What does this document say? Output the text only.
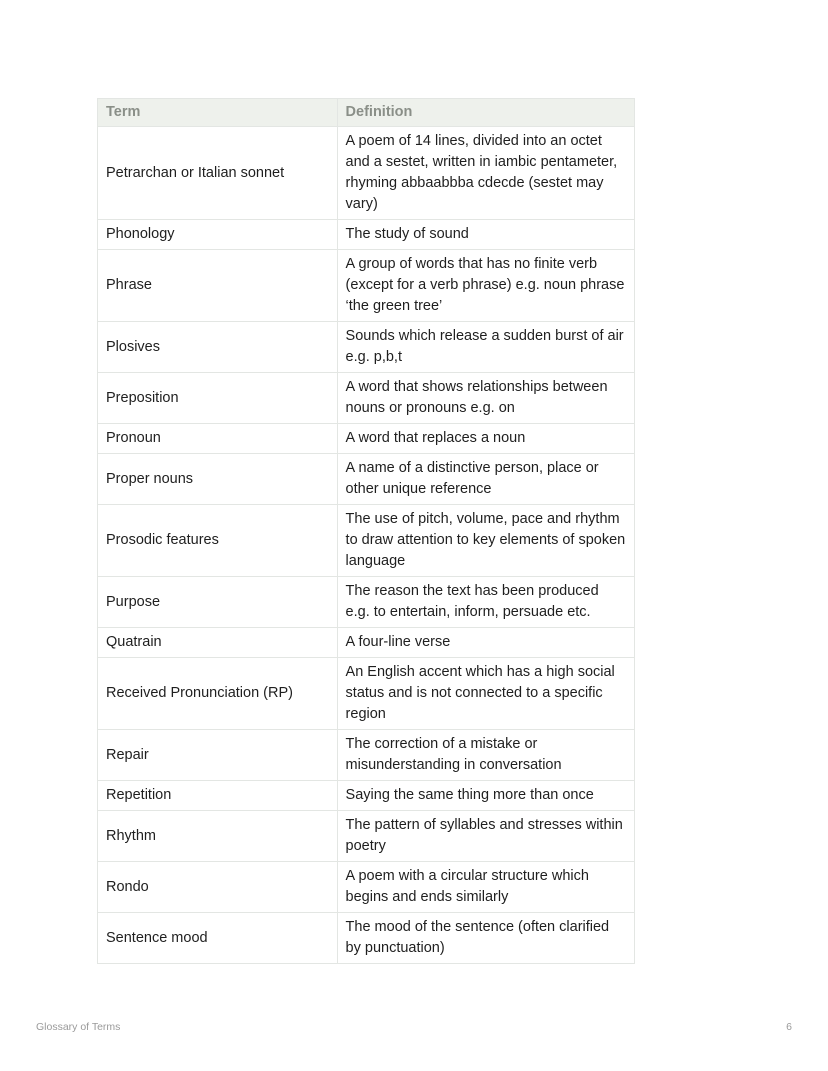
Term	Definition
Petrarchan or Italian sonnet	A poem of 14 lines, divided into an octet and a sestet, written in iambic pentameter, rhyming abbaabbba cdecde (sestet may vary)
Phonology	The study of sound
Phrase	A group of words that has no finite verb (except for a verb phrase) e.g. noun phrase ‘the green tree’
Plosives	Sounds which release a sudden burst of air e.g. p,b,t
Preposition	A word that shows relationships between nouns or pronouns e.g. on
Pronoun	A word that replaces a noun
Proper nouns	A name of a distinctive person, place or other unique reference
Prosodic features	The use of pitch, volume, pace and rhythm to draw attention to key elements of spoken language
Purpose	The reason the text has been produced e.g. to entertain, inform, persuade etc.
Quatrain	A four-line verse
Received Pronunciation (RP)	An English accent which has a high social status and is not connected to a specific region
Repair	The correction of a mistake or misunderstanding in conversation
Repetition	Saying the same thing more than once
Rhythm	The pattern of syllables and stresses within poetry
Rondo	A poem with a circular structure which begins and ends similarly
Sentence mood	The mood of the sentence (often clarified by punctuation)
Glossary of Terms	6
